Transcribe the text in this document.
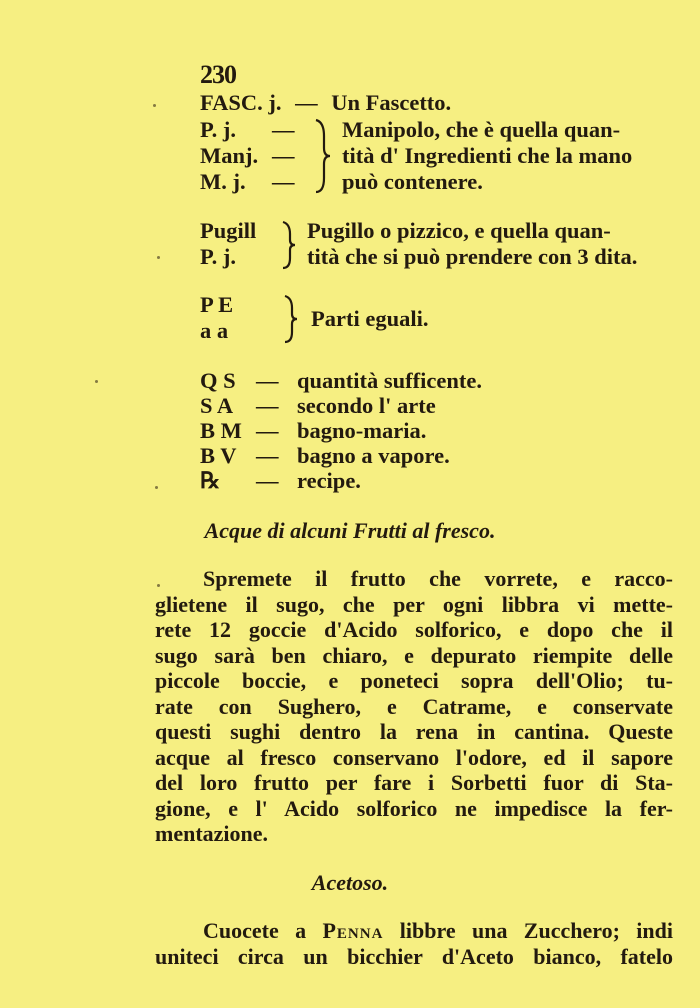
230
FASC. j. — Un Fascetto.
P. j.
Manj.
M. j.
—
—
—
Manipolo, che è quella quan-
tità d' Ingredienti che la mano
può contenere.
Pugill
P. j.
Pugillo o pizzico, e quella quan-
tità che si può prendere con 3 dita.
P E
a a	Parti eguali.
Q S — quantità sufficente.
S A — secondo l' arte
B M — bagno-maria.
B V — bagno a vapore.
℞ — recipe.
Acque di alcuni Frutti al fresco.
Spremete il frutto che vorrete, e racco-
glietene il sugo, che per ogni libbra vi mette-
rete 12 goccie d'Acido solforico, e dopo che il
sugo sarà ben chiaro, e depurato riempite delle
piccole boccie, e poneteci sopra dell'Olio; tu-
rate con Sughero, e Catrame, e conservate
questi sughi dentro la rena in cantina. Queste
acque al fresco conservano l'odore, ed il sapore
del loro frutto per fare i Sorbetti fuor di Sta-
gione, e l' Acido solforico ne impedisce la fer-
mentazione.
Acetoso.
Cuocete a Penna libbre una Zucchero; indi
uniteci circa un bicchier d'Aceto bianco, fatelo
